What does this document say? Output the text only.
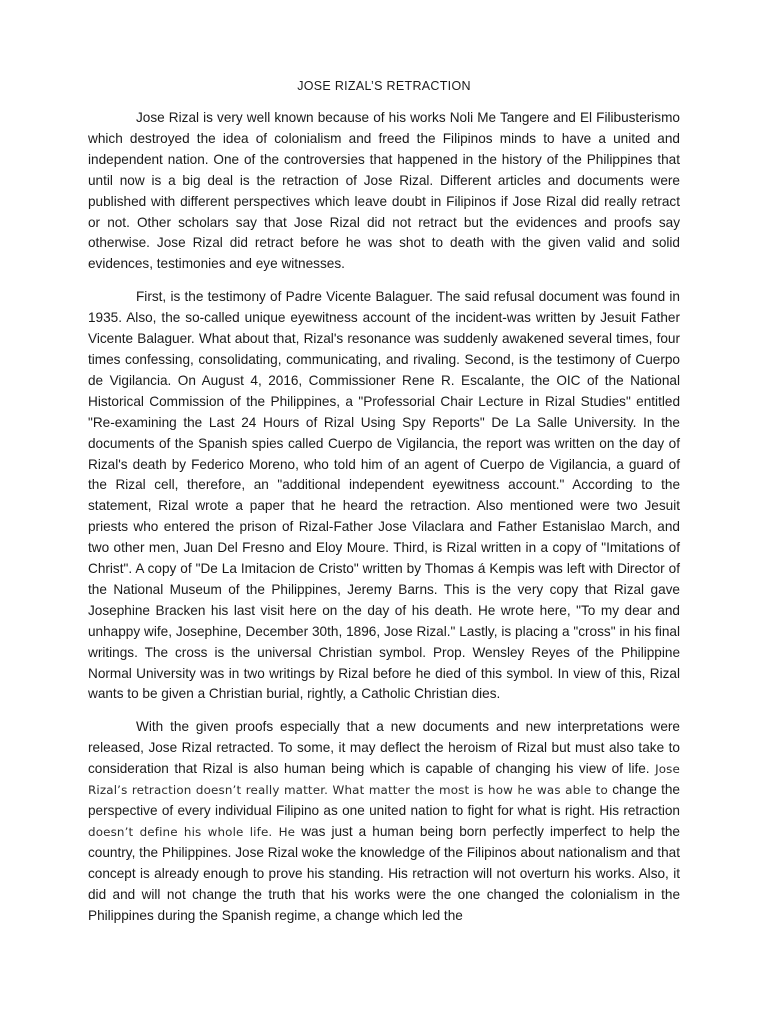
JOSE RIZAL’S RETRACTION

Jose Rizal is very well known because of his works Noli Me Tangere and El Filibusterismo which destroyed the idea of colonialism and freed the Filipinos minds to have a united and independent nation. One of the controversies that happened in the history of the Philippines that until now is a big deal is the retraction of Jose Rizal. Different articles and documents were published with different perspectives which leave doubt in Filipinos if Jose Rizal did really retract or not. Other scholars say that Jose Rizal did not retract but the evidences and proofs say otherwise. Jose Rizal did retract before he was shot to death with the given valid and solid evidences, testimonies and eye witnesses.

First, is the testimony of Padre Vicente Balaguer. The said refusal document was found in 1935. Also, the so-called unique eyewitness account of the incident-was written by Jesuit Father Vicente Balaguer. What about that, Rizal's resonance was suddenly awakened several times, four times confessing, consolidating, communicating, and rivaling. Second, is the testimony of Cuerpo de Vigilancia. On August 4, 2016, Commissioner Rene R. Escalante, the OIC of the National Historical Commission of the Philippines, a "Professorial Chair Lecture in Rizal Studies" entitled "Re-examining the Last 24 Hours of Rizal Using Spy Reports" De La Salle University. In the documents of the Spanish spies called Cuerpo de Vigilancia, the report was written on the day of Rizal's death by Federico Moreno, who told him of an agent of Cuerpo de Vigilancia, a guard of the Rizal cell, therefore, an "additional independent eyewitness account." According to the statement, Rizal wrote a paper that he heard the retraction. Also mentioned were two Jesuit priests who entered the prison of Rizal-Father Jose Vilaclara and Father Estanislao March, and two other men, Juan Del Fresno and Eloy Moure. Third, is Rizal written in a copy of "Imitations of Christ". A copy of "De La Imitacion de Cristo" written by Thomas á Kempis was left with Director of the National Museum of the Philippines, Jeremy Barns. This is the very copy that Rizal gave Josephine Bracken his last visit here on the day of his death. He wrote here, "To my dear and unhappy wife, Josephine, December 30th, 1896, Jose Rizal." Lastly, is placing a "cross" in his final writings. The cross is the universal Christian symbol. Prop. Wensley Reyes of the Philippine Normal University was in two writings by Rizal before he died of this symbol. In view of this, Rizal wants to be given a Christian burial, rightly, a Catholic Christian dies.

With the given proofs especially that a new documents and new interpretations were released, Jose Rizal retracted. To some, it may deflect the heroism of Rizal but must also take to consideration that Rizal is also human being which is capable of changing his view of life. Jose Rizal’s retraction doesn’t really matter. What matter the most is how he was able to change the perspective of every individual Filipino as one united nation to fight for what is right. His retraction doesn’t define his whole life. He was just a human being born perfectly imperfect to help the country, the Philippines. Jose Rizal woke the knowledge of the Filipinos about nationalism and that concept is already enough to prove his standing. His retraction will not overturn his works. Also, it did and will not change the truth that his works were the one changed the colonialism in the Philippines during the Spanish regime, a change which led the
